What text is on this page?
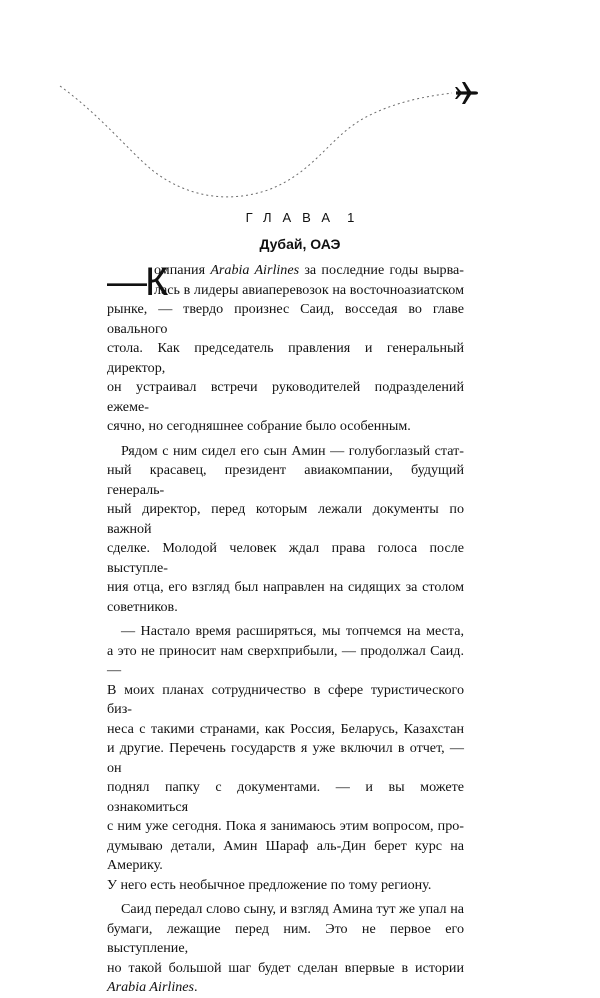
ГЛАВА 1
Дубай, ОАЭ
—К

омпания Arabia Airlines за последние годы вырва-

лась в лидеры авиаперевозок на восточноазиатском

рынке, — твердо произнес Саид, восседая во главе овального

стола. Как председатель правления и генеральный директор,

он устраивал встречи руководителей подразделений ежеме-

сячно, но сегодняшнее собрание было особенным.

Рядом с ним сидел его сын Амин — голубоглазый стат-

ный красавец, президент авиакомпании, будущий генераль-

ный директор, перед которым лежали документы по важной

сделке. Молодой человек ждал права голоса после выступле-

ния отца, его взгляд был направлен на сидящих за столом

советников.

— Настало время расширяться, мы топчемся на места,

а это не приносит нам сверхприбыли, — продолжал Саид. —

В моих планах сотрудничество в сфере туристического биз-

неса с такими странами, как Россия, Беларусь, Казахстан

и другие. Перечень государств я уже включил в отчет, — он

поднял папку с документами. — и вы можете ознакомиться

с ним уже сегодня. Пока я занимаюсь этим вопросом, про-

думываю детали, Амин Шараф аль-Дин берет курс на Америку.

У него есть необычное предложение по тому региону.

Саид передал слово сыну, и взгляд Амина тут же упал на

бумаги, лежащие перед ним. Это не первое его выступление,

но такой большой шаг будет сделан впервые в истории

Arabia Airlines.
